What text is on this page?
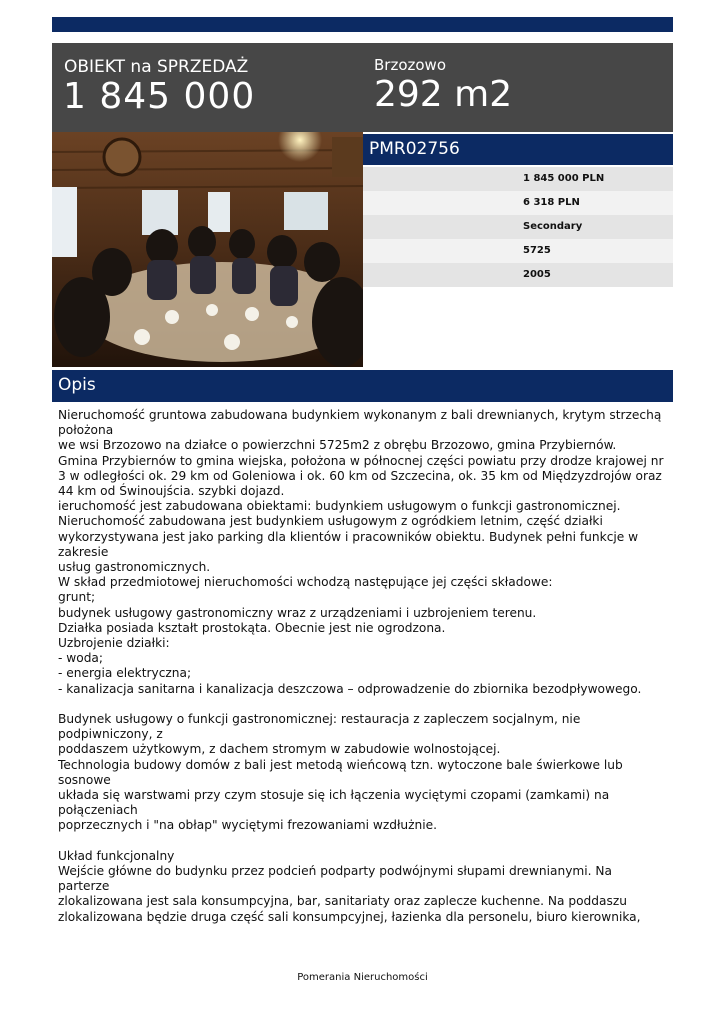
OBIEKT na SPRZEDAŻ
1 845 000
Brzozowo
292 m2
PMR02756
1 845 000 PLN
6 318 PLN
Secondary
5725
2005
Opis
Nieruchomość gruntowa zabudowana budynkiem wykonanym z bali drewnianych, krytym strzechą
położona
we wsi Brzozowo na działce o powierzchni 5725m2 z obrębu Brzozowo, gmina Przybiernów.
Gmina Przybiernów to gmina wiejska, położona w północnej części powiatu przy drodze krajowej nr
3 w odległości ok. 29 km od Goleniowa i ok. 60 km od Szczecina, ok. 35 km od Międzyzdrojów oraz
44 km od Świnoujścia. szybki dojazd.
ieruchomość jest zabudowana obiektami: budynkiem usługowym o funkcji gastronomicznej.
Nieruchomość zabudowana jest budynkiem usługowym z ogródkiem letnim, część działki
wykorzystywana jest jako parking dla klientów i pracowników obiektu. Budynek pełni funkcje w
zakresie
usług gastronomicznych.
W skład przedmiotowej nieruchomości wchodzą następujące jej części składowe:
grunt;
budynek usługowy gastronomiczny wraz z urządzeniami i uzbrojeniem terenu.
Działka posiada kształt prostokąta. Obecnie jest nie ogrodzona.
Uzbrojenie działki:
- woda;
- energia elektryczna;
- kanalizacja sanitarna i kanalizacja deszczowa – odprowadzenie do zbiornika bezodpływowego.
Budynek usługowy o funkcji gastronomicznej: restauracja z zapleczem socjalnym, nie
podpiwniczony, z
poddaszem użytkowym, z dachem stromym w zabudowie wolnostojącej.
Technologia budowy domów z bali jest metodą wieńcową tzn. wytoczone bale świerkowe lub
sosnowe
układa się warstwami przy czym stosuje się ich łączenia wyciętymi czopami (zamkami) na
połączeniach
poprzecznych i "na obłap" wyciętymi frezowaniami wzdłużnie.
Układ funkcjonalny
Wejście główne do budynku przez podcień podparty podwójnymi słupami drewnianymi. Na
parterze
zlokalizowana jest sala konsumpcyjna, bar, sanitariaty oraz zaplecze kuchenne. Na poddaszu
zlokalizowana będzie druga część sali konsumpcyjnej, łazienka dla personelu, biuro kierownika,
Pomerania Nieruchomości
